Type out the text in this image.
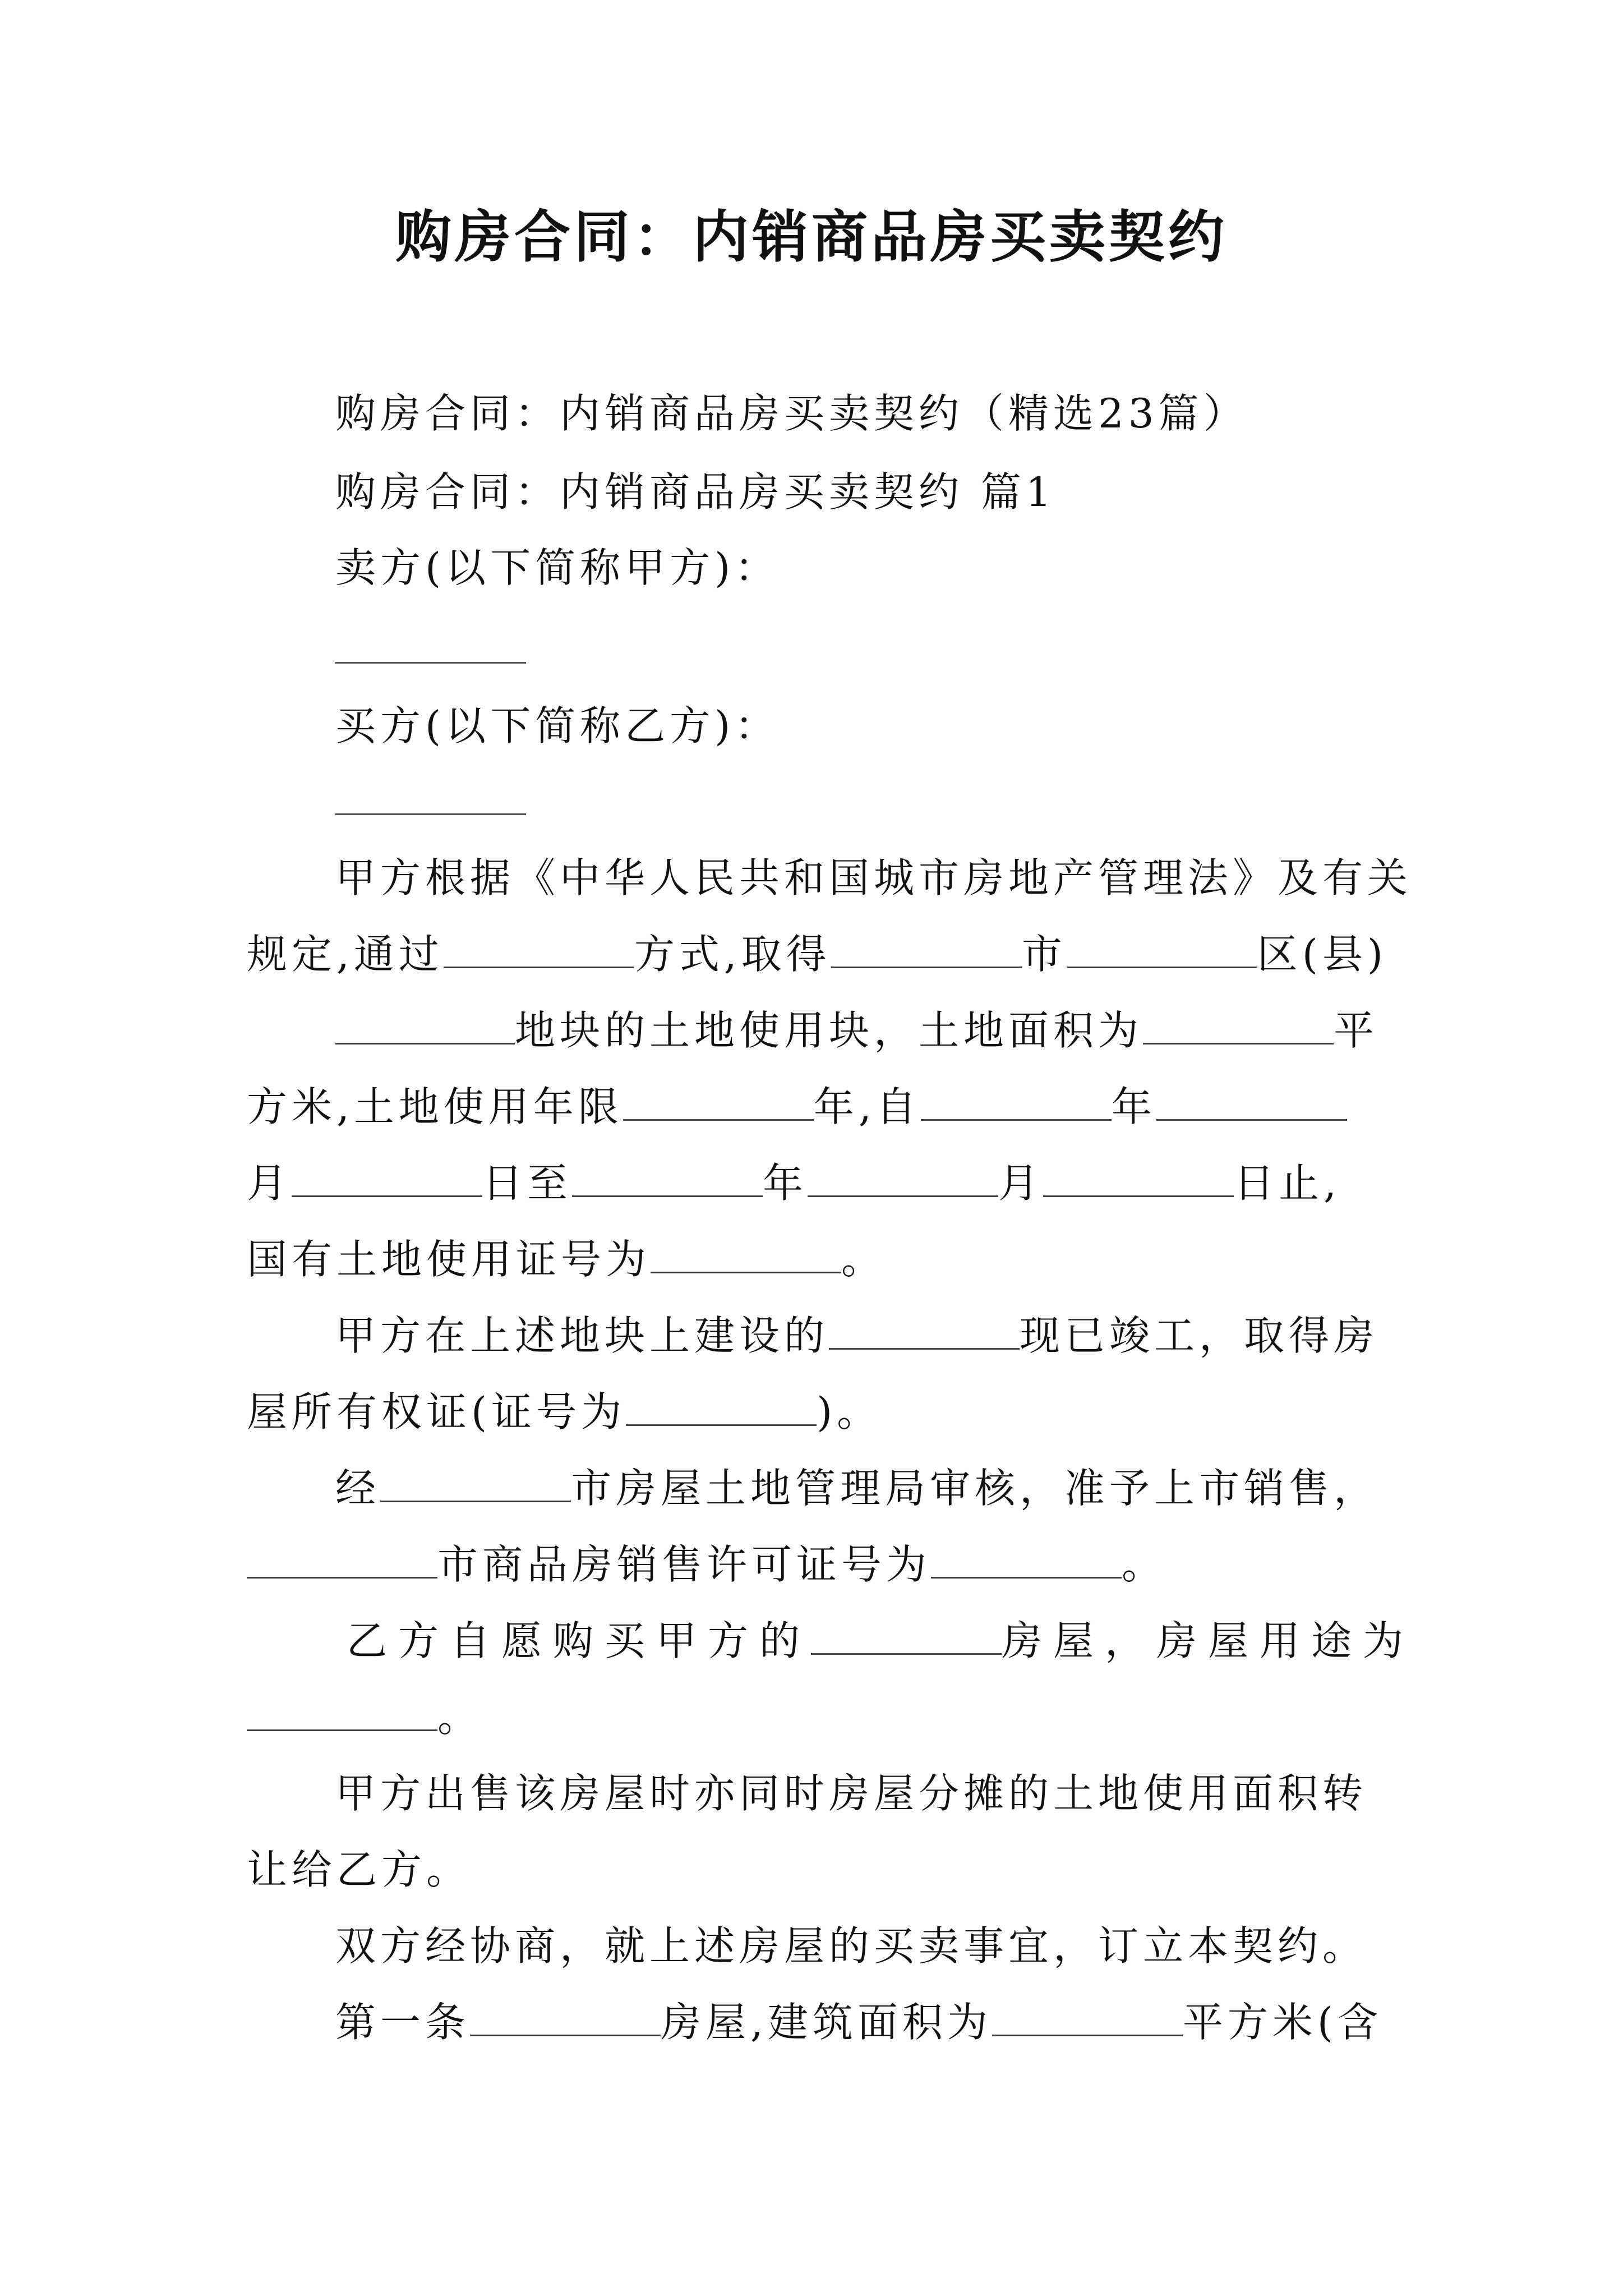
购房合同：内销商品房买卖契约
购房合同：内销商品房买卖契约（精选23篇）
购房合同：内销商品房买卖契约 篇1
卖方(以下简称甲方)：
买方(以下简称乙方)：
甲方根据《中华人民共和国城市房地产管理法》及有关
规定,通过	方式,取得	市	区(县)
地块的土地使用块，土地面积为	平
方米,土地使用年限	年,自	年
月	日至	年	月	日止,
国有土地使用证号为	。
甲方在上述地块上建设的	现已竣工，取得房
屋所有权证(证号为	)。
经	市房屋土地管理局审核，准予上市销售，
市商品房销售许可证号为	。
乙方自愿购买甲方的	房屋，房屋用途为
。
甲方出售该房屋时亦同时房屋分摊的土地使用面积转
让给乙方。
双方经协商，就上述房屋的买卖事宜，订立本契约。
第一条	房屋,建筑面积为	平方米(含
